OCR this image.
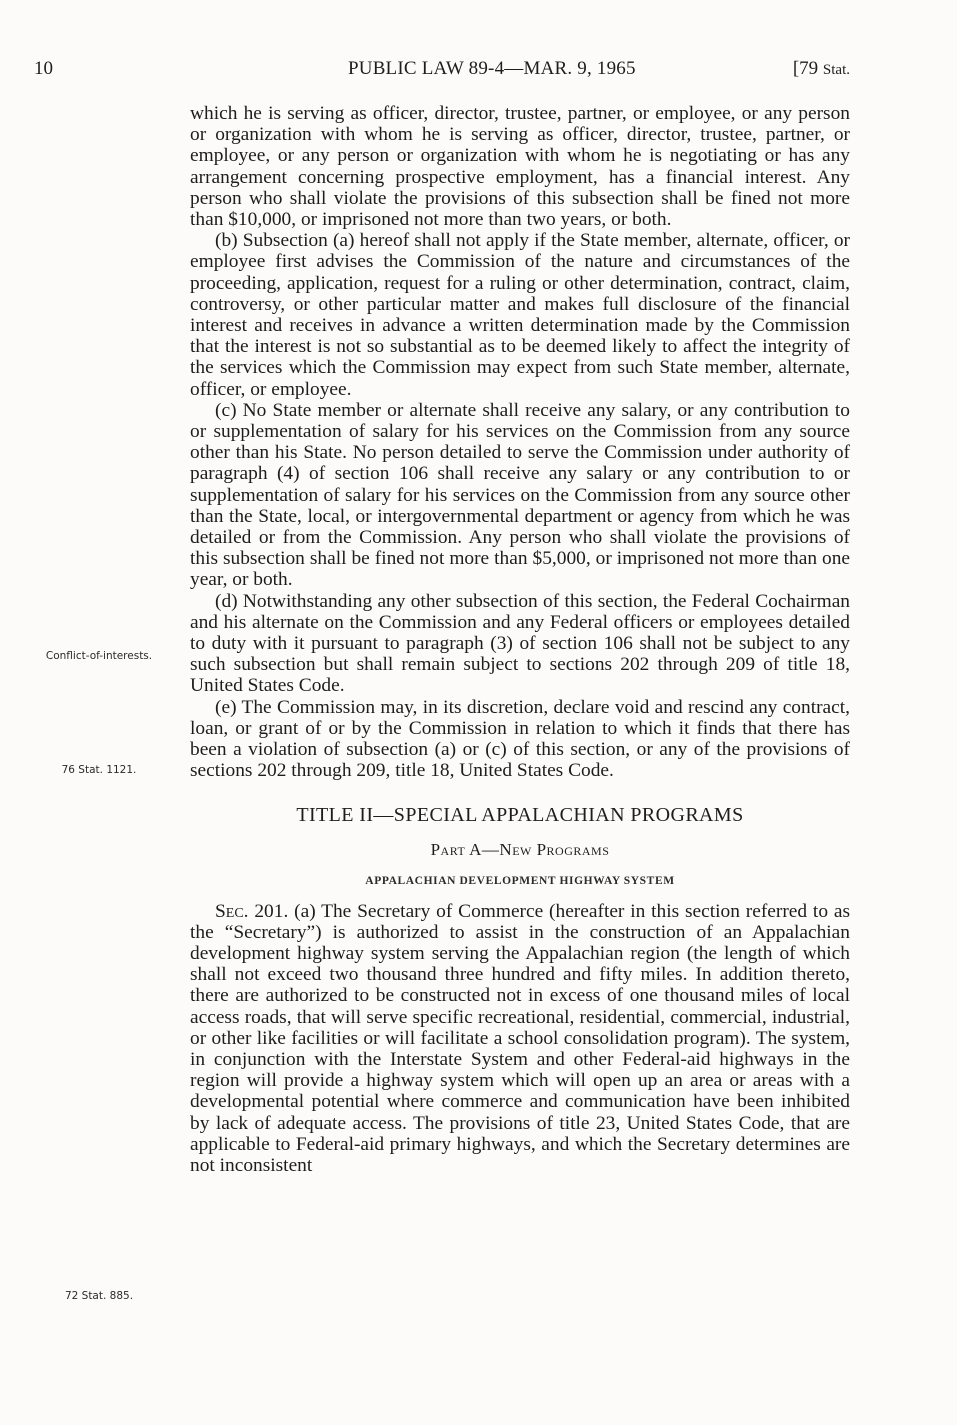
10	PUBLIC LAW 89-4—MAR. 9, 1965	[79 Stat.
Conflict-of-interests.
76 Stat. 1121.
72 Stat. 885.

which he is serving as officer, director, trustee, partner, or employee, or any person or organization with whom he is serving as officer, director, trustee, partner, or employee, or any person or organization with whom he is negotiating or has any arrangement concerning prospective employment, has a financial interest. Any person who shall violate the provisions of this subsection shall be fined not more than $10,000, or imprisoned not more than two years, or both.

(b) Subsection (a) hereof shall not apply if the State member, alternate, officer, or employee first advises the Commission of the nature and circumstances of the proceeding, application, request for a ruling or other determination, contract, claim, controversy, or other particular matter and makes full disclosure of the financial interest and receives in advance a written determination made by the Commission that the interest is not so substantial as to be deemed likely to affect the integrity of the services which the Commission may expect from such State member, alternate, officer, or employee.

(c) No State member or alternate shall receive any salary, or any contribution to or supplementation of salary for his services on the Commission from any source other than his State. No person detailed to serve the Commission under authority of paragraph (4) of section 106 shall receive any salary or any contribution to or supplementation of salary for his services on the Commission from any source other than the State, local, or intergovernmental department or agency from which he was detailed or from the Commission. Any person who shall violate the provisions of this subsection shall be fined not more than $5,000, or imprisoned not more than one year, or both.

(d) Notwithstanding any other subsection of this section, the Federal Cochairman and his alternate on the Commission and any Federal officers or employees detailed to duty with it pursuant to paragraph (3) of section 106 shall not be subject to any such subsection but shall remain subject to sections 202 through 209 of title 18, United States Code.

(e) The Commission may, in its discretion, declare void and rescind any contract, loan, or grant of or by the Commission in relation to which it finds that there has been a violation of subsection (a) or (c) of this section, or any of the provisions of sections 202 through 209, title 18, United States Code.

TITLE II—SPECIAL APPALACHIAN PROGRAMS
Part A—New Programs
APPALACHIAN DEVELOPMENT HIGHWAY SYSTEM

Sec. 201. (a) The Secretary of Commerce (hereafter in this section referred to as the “Secretary”) is authorized to assist in the construction of an Appalachian development highway system serving the Appalachian region (the length of which shall not exceed two thousand three hundred and fifty miles. In addition thereto, there are authorized to be constructed not in excess of one thousand miles of local access roads, that will serve specific recreational, residential, commercial, industrial, or other like facilities or will facilitate a school consolidation program). The system, in conjunction with the Interstate System and other Federal-aid highways in the region will provide a highway system which will open up an area or areas with a developmental potential where commerce and communication have been inhibited by lack of adequate access. The provisions of title 23, United States Code, that are applicable to Federal-aid primary highways, and which the Secretary determines are not inconsistent
